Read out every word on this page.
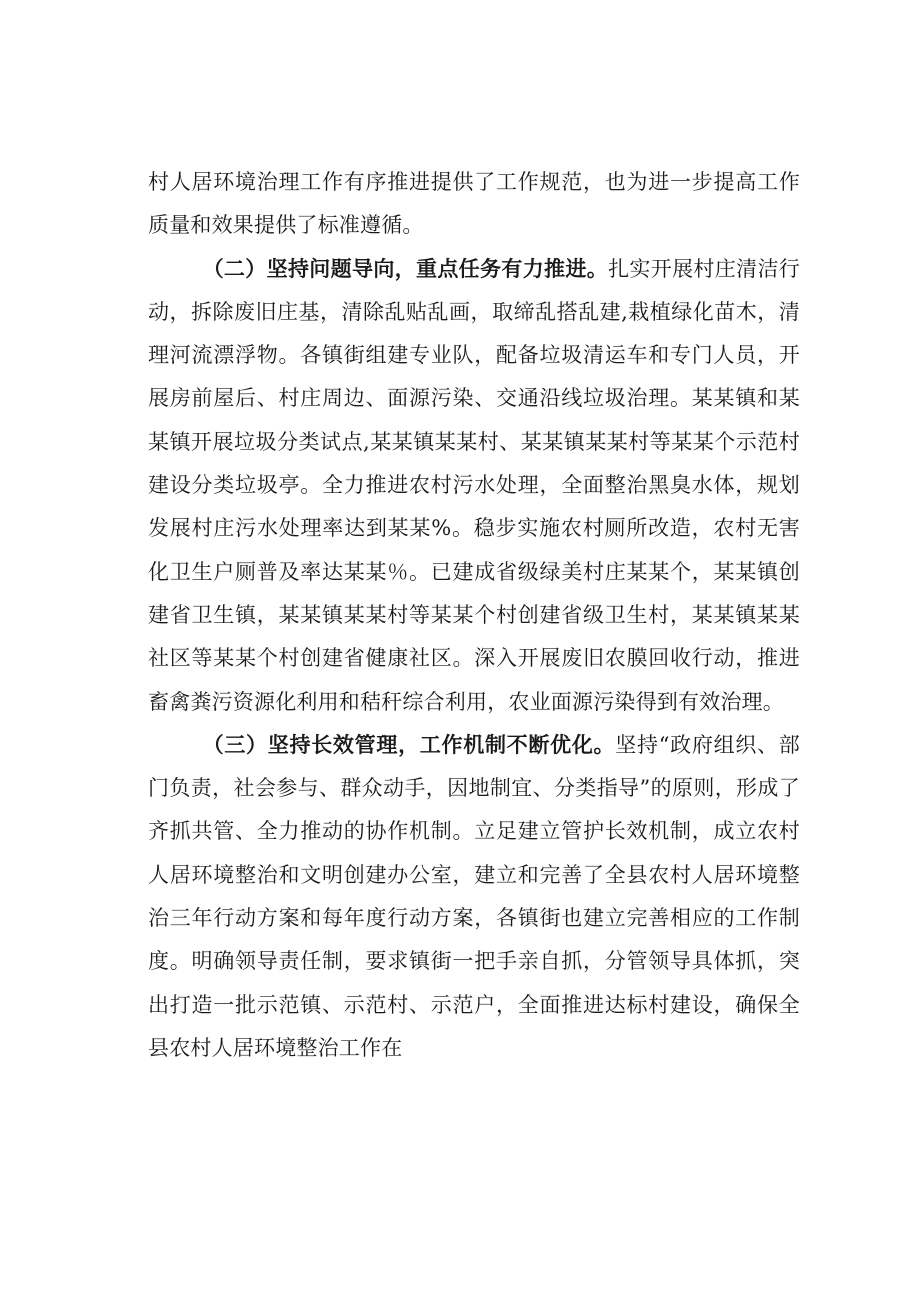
村人居环境治理工作有序推进提供了工作规范，也为进一步提高工作质量和效果提供了标准遵循。

（二）坚持问题导向，重点任务有力推进。扎实开展村庄清洁行动，拆除废旧庄基，清除乱贴乱画，取缔乱搭乱建,栽植绿化苗木，清理河流漂浮物。各镇街组建专业队，配备垃圾清运车和专门人员，开展房前屋后、村庄周边、面源污染、交通沿线垃圾治理。某某镇和某某镇开展垃圾分类试点,某某镇某某村、某某镇某某村等某某个示范村建设分类垃圾亭。全力推进农村污水处理，全面整治黑臭水体，规划发展村庄污水处理率达到某某%。稳步实施农村厕所改造，农村无害化卫生户厕普及率达某某％。已建成省级绿美村庄某某个，某某镇创建省卫生镇，某某镇某某村等某某个村创建省级卫生村，某某镇某某社区等某某个村创建省健康社区。深入开展废旧农膜回收行动，推进畜禽粪污资源化利用和秸秆综合利用，农业面源污染得到有效治理。

（三）坚持长效管理，工作机制不断优化。坚持“政府组织、部门负责，社会参与、群众动手，因地制宜、分类指导”的原则，形成了齐抓共管、全力推动的协作机制。立足建立管护长效机制，成立农村人居环境整治和文明创建办公室，建立和完善了全县农村人居环境整治三年行动方案和每年度行动方案，各镇街也建立完善相应的工作制度。明确领导责任制，要求镇街一把手亲自抓，分管领导具体抓，突出打造一批示范镇、示范村、示范户，全面推进达标村建设，确保全县农村人居环境整治工作在
